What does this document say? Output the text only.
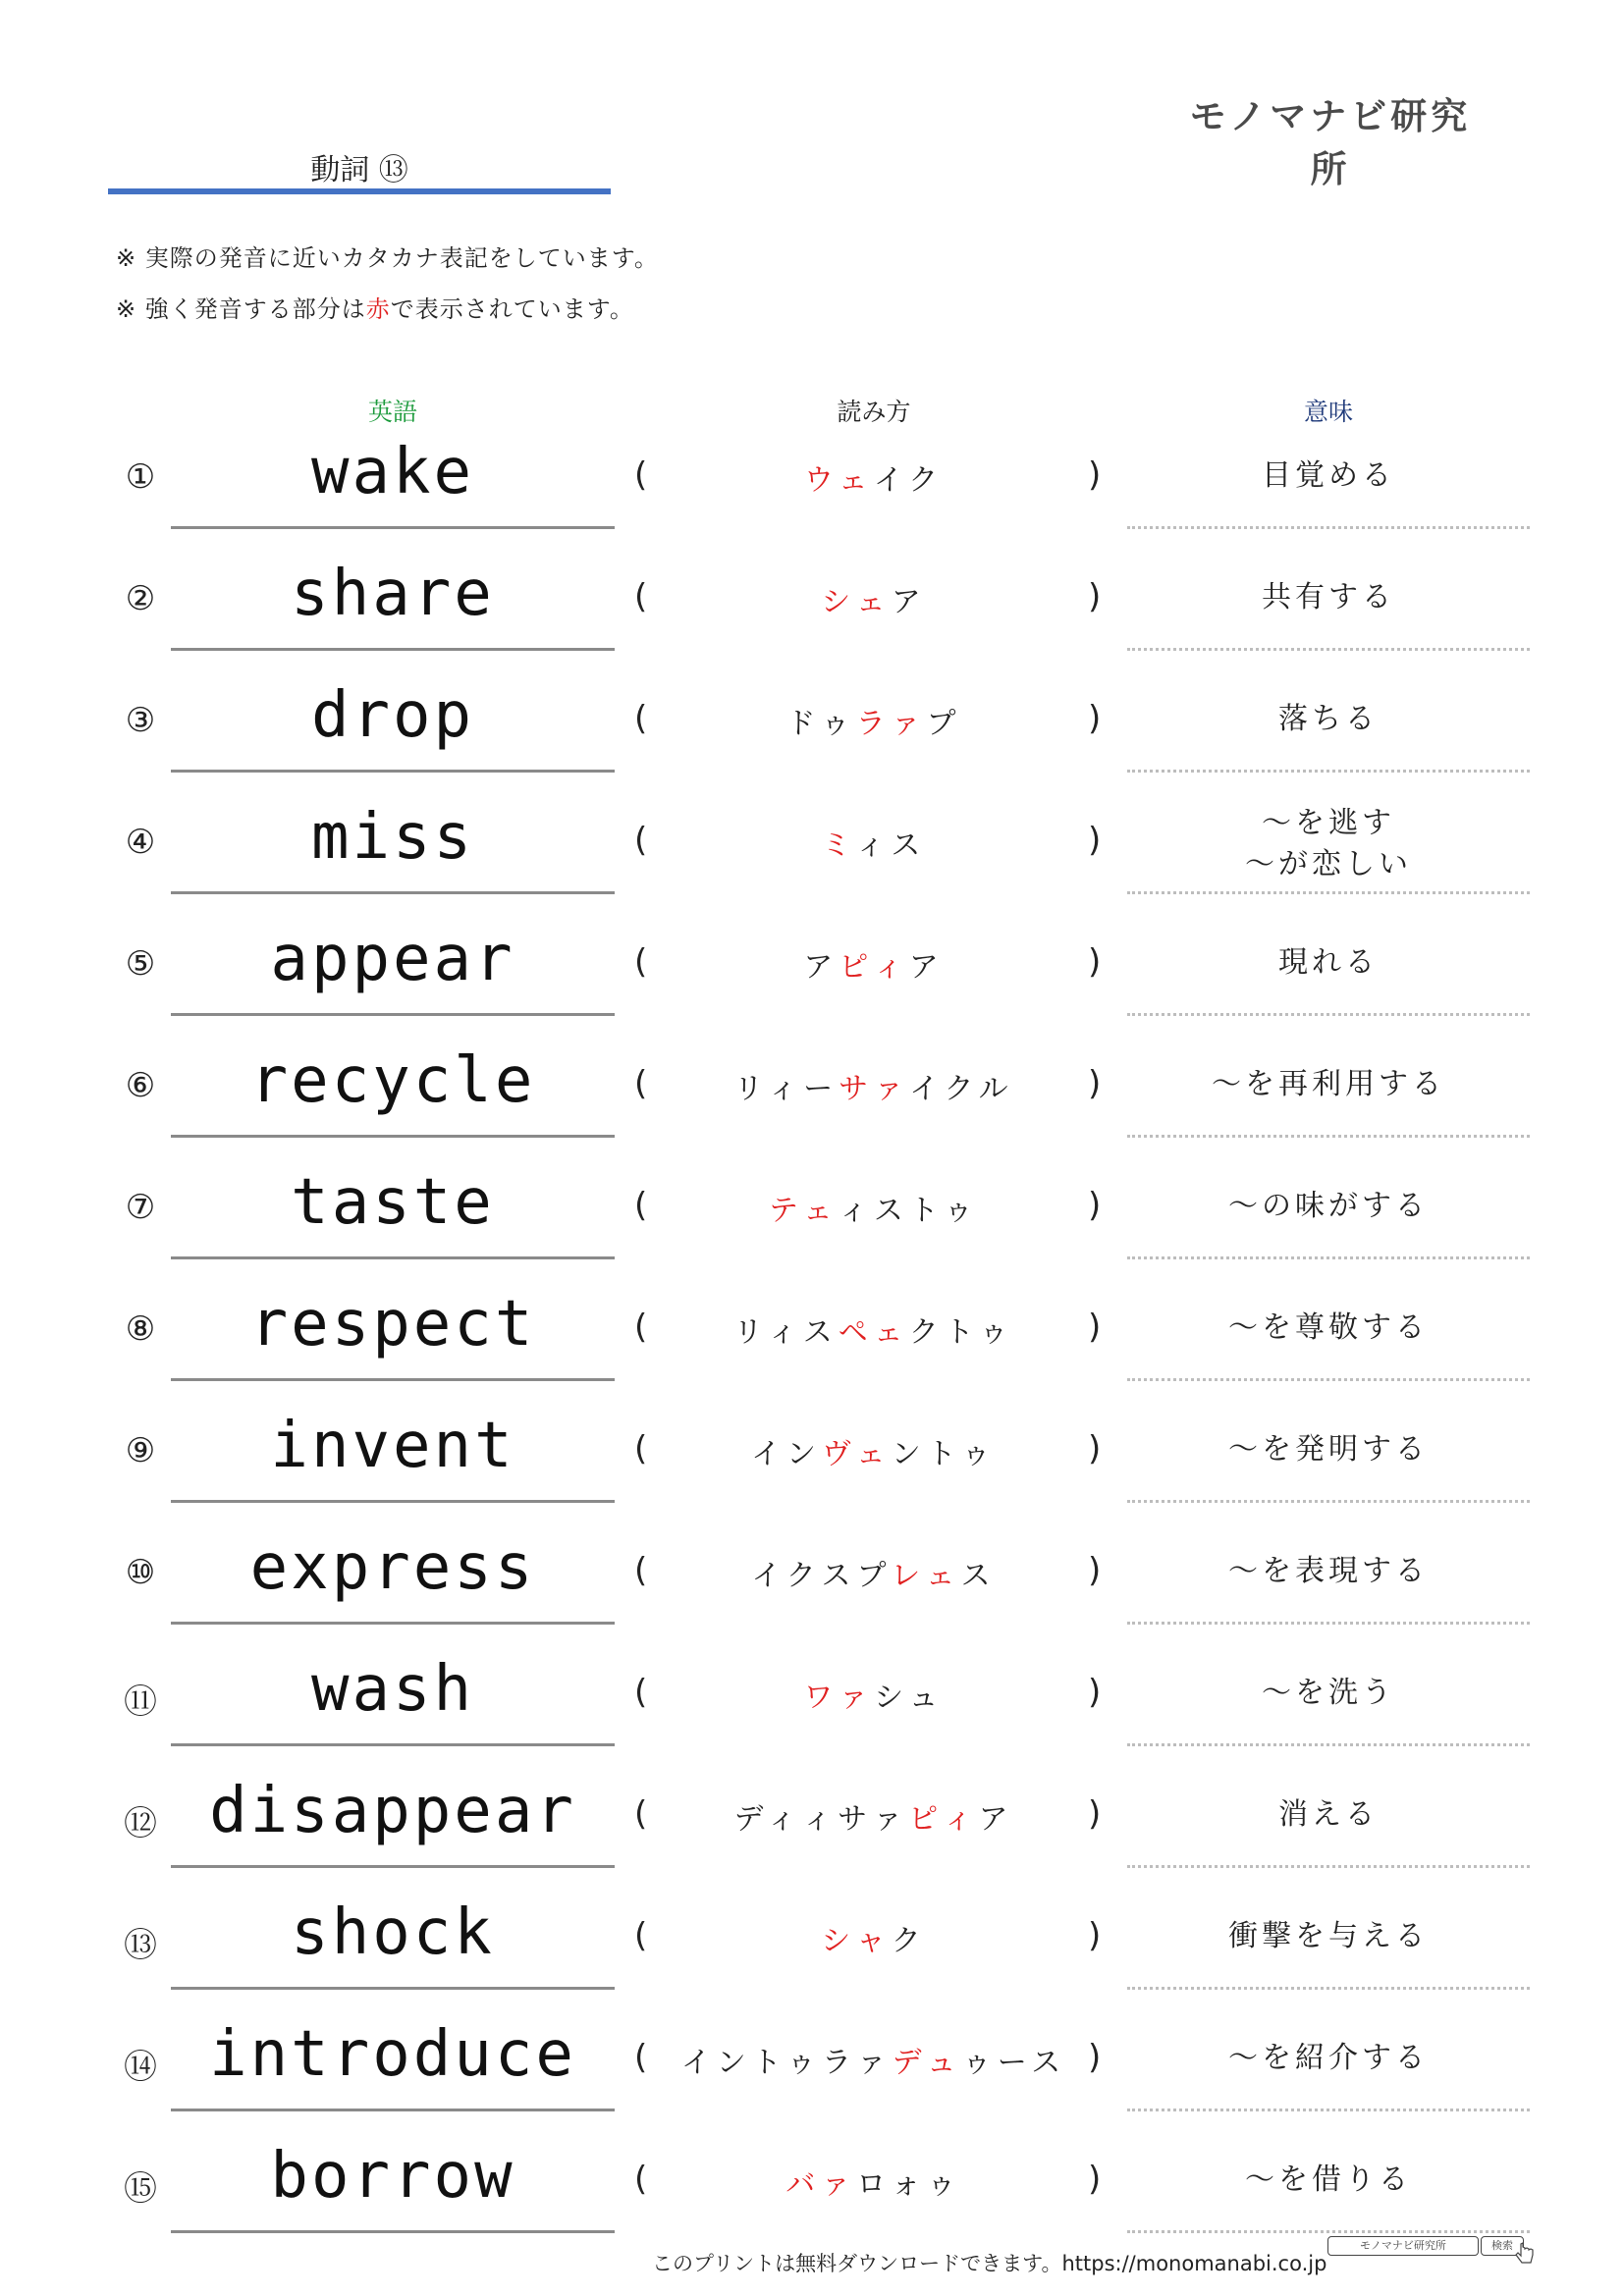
モノマナビ研究所
動詞 ⑬
※ 実際の発音に近いカタカナ表記をしています。
※ 強く発音する部分は赤で表示されています。
英語	読み方	意味
①	wake	(	ウェイク	)	目覚める
②	share	(	シェア	)	共有する
③	drop	(	ドゥラァプ	)	落ちる
④	miss	(	ミィス	)	～を逃す
～が恋しい
⑤	appear	(	アピィア	)	現れる
⑥	recycle	(	リィーサァイクル	)	～を再利用する
⑦	taste	(	テェィストゥ	)	～の味がする
⑧	respect	(	リィスペェクトゥ	)	～を尊敬する
⑨	invent	(	インヴェントゥ	)	～を発明する
⑩	express	(	イクスプレェス	)	～を表現する
⑪	wash	(	ワァシュ	)	～を洗う
⑫ disappear	(	ディィサァピィア	)	消える
⑬	shock	(	シャク	)	衝撃を与える
⑭ introduce	(	イントゥラァデュゥース )	～を紹介する
⑮	borrow	(	バァロォゥ	)	～を借りる
このプリントは無料ダウンロードできます。https://monomanabi.co.jp
モノマナビ研究所	検索
